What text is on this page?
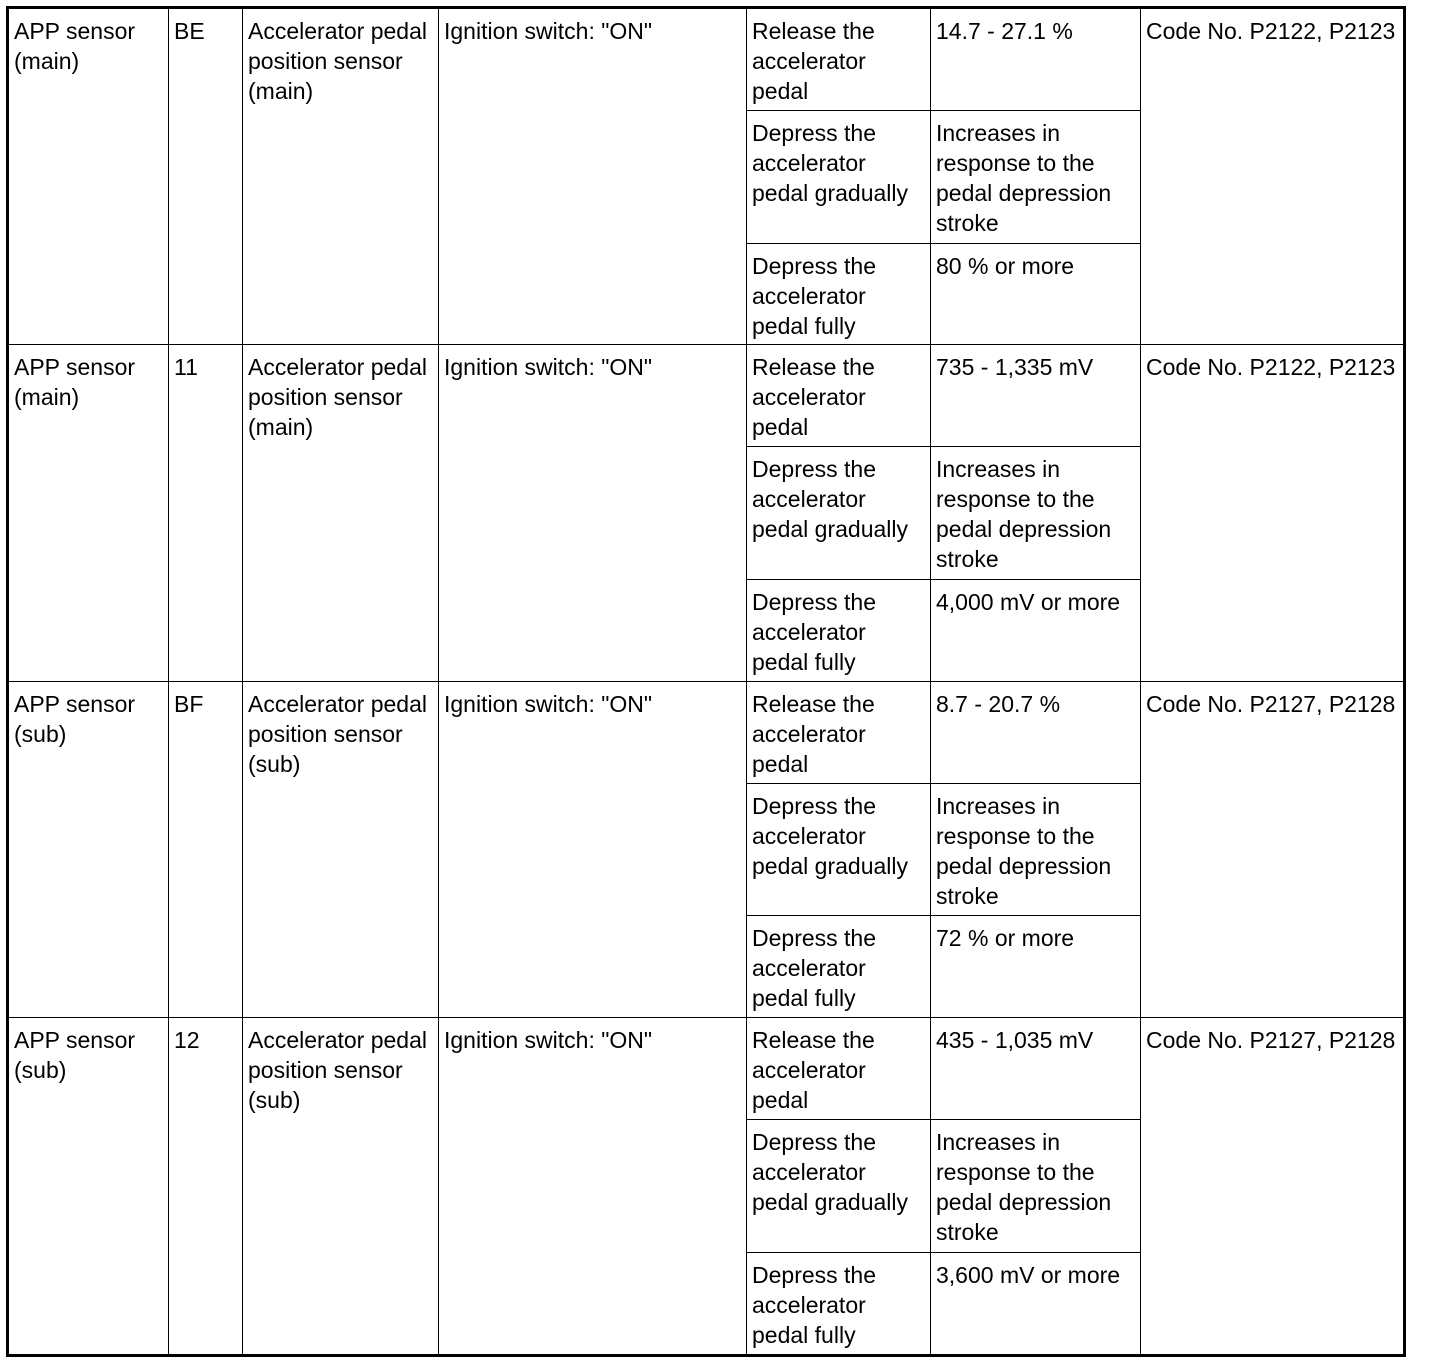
APP sensor (main)	BE	Accelerator pedal position sensor (main)	Ignition switch: "ON"	Release the accelerator pedal	14.7 - 27.1 %	Code No. P2122, P2123
				Depress the accelerator pedal gradually	Increases in response to the pedal depression stroke	
				Depress the accelerator pedal fully	80 % or more	
APP sensor (main)	11	Accelerator pedal position sensor (main)	Ignition switch: "ON"	Release the accelerator pedal	735 - 1,335 mV	Code No. P2122, P2123
				Depress the accelerator pedal gradually	Increases in response to the pedal depression stroke	
				Depress the accelerator pedal fully	4,000 mV or more	
APP sensor (sub)	BF	Accelerator pedal position sensor (sub)	Ignition switch: "ON"	Release the accelerator pedal	8.7 - 20.7 %	Code No. P2127, P2128
				Depress the accelerator pedal gradually	Increases in response to the pedal depression stroke	
				Depress the accelerator pedal fully	72 % or more	
APP sensor (sub)	12	Accelerator pedal position sensor (sub)	Ignition switch: "ON"	Release the accelerator pedal	435 - 1,035 mV	Code No. P2127, P2128
				Depress the accelerator pedal gradually	Increases in response to the pedal depression stroke	
				Depress the accelerator pedal fully	3,600 mV or more	
